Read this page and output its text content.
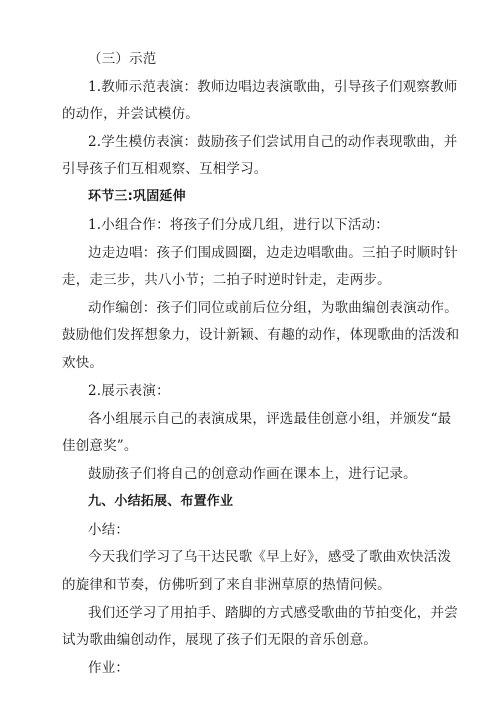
（三）示范
1.教师示范表演：教师边唱边表演歌曲，引导孩子们观察教师
的动作，并尝试模仿。
2.学生模仿表演：鼓励孩子们尝试用自己的动作表现歌曲，并
引导孩子们互相观察、互相学习。
环节三:巩固延伸
1.小组合作：将孩子们分成几组，进行以下活动：
边走边唱：孩子们围成圆圈，边走边唱歌曲。三拍子时顺时针
走，走三步，共八小节；二拍子时逆时针走，走两步。
动作编创：孩子们同位或前后位分组，为歌曲编创表演动作。
鼓励他们发挥想象力，设计新颖、有趣的动作，体现歌曲的活泼和
欢快。
2.展示表演：
各小组展示自己的表演成果，评选最佳创意小组，并颁发“最
佳创意奖”。
鼓励孩子们将自己的创意动作画在课本上，进行记录。
九、小结拓展、布置作业
小结：
今天我们学习了乌干达民歌《早上好》，感受了歌曲欢快活泼
的旋律和节奏，仿佛听到了来自非洲草原的热情问候。
我们还学习了用拍手、踏脚的方式感受歌曲的节拍变化，并尝
试为歌曲编创动作，展现了孩子们无限的音乐创意。
作业：
